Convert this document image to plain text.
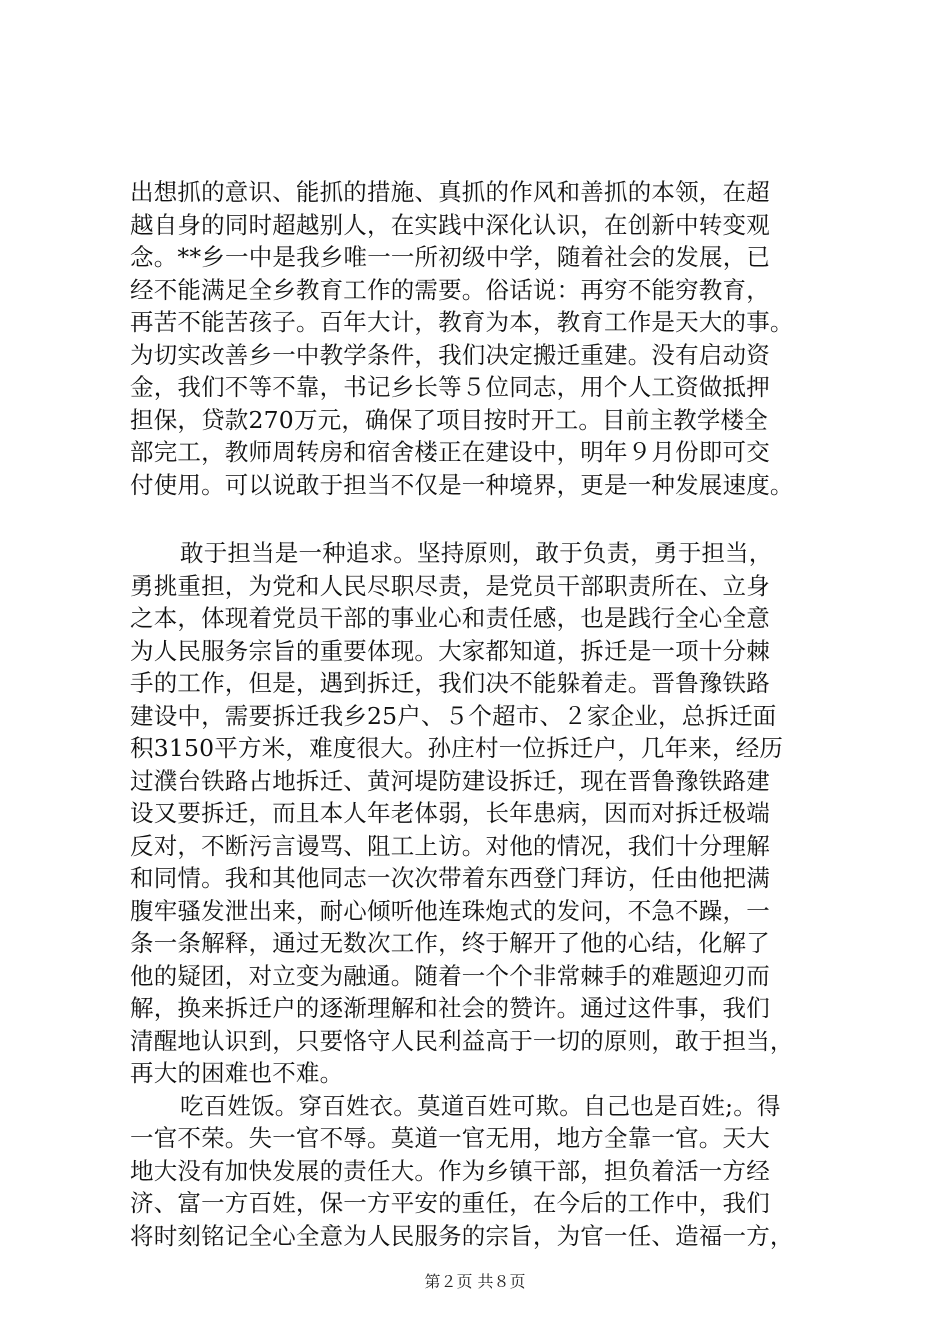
出想抓的意识、能抓的措施、真抓的作风和善抓的本领，在超
越自身的同时超越别人，在实践中深化认识，在创新中转变观
念。**乡一中是我乡唯一一所初级中学，随着社会的发展，已
经不能满足全乡教育工作的需要。俗话说：再穷不能穷教育，
再苦不能苦孩子。百年大计，教育为本，教育工作是天大的事。
为切实改善乡一中教学条件，我们决定搬迁重建。没有启动资
金，我们不等不靠，书记乡长等５位同志，用个人工资做抵押
担保，贷款270万元，确保了项目按时开工。目前主教学楼全
部完工，教师周转房和宿舍楼正在建设中，明年９月份即可交
付使用。可以说敢于担当不仅是一种境界，更是一种发展速度。
敢于担当是一种追求。坚持原则，敢于负责，勇于担当，
勇挑重担，为党和人民尽职尽责，是党员干部职责所在、立身
之本，体现着党员干部的事业心和责任感，也是践行全心全意
为人民服务宗旨的重要体现。大家都知道，拆迁是一项十分棘
手的工作，但是，遇到拆迁，我们决不能躲着走。晋鲁豫铁路
建设中，需要拆迁我乡25户、５个超市、２家企业，总拆迁面
积3150平方米，难度很大。孙庄村一位拆迁户，几年来，经历
过濮台铁路占地拆迁、黄河堤防建设拆迁，现在晋鲁豫铁路建
设又要拆迁，而且本人年老体弱，长年患病，因而对拆迁极端
反对，不断污言谩骂、阻工上访。对他的情况，我们十分理解
和同情。我和其他同志一次次带着东西登门拜访，任由他把满
腹牢骚发泄出来，耐心倾听他连珠炮式的发问，不急不躁，一
条一条解释，通过无数次工作，终于解开了他的心结，化解了
他的疑团，对立变为融通。随着一个个非常棘手的难题迎刃而
解，换来拆迁户的逐渐理解和社会的赞许。通过这件事，我们
清醒地认识到，只要恪守人民利益高于一切的原则，敢于担当，
再大的困难也不难。
吃百姓饭。穿百姓衣。莫道百姓可欺。自己也是百姓;。得
一官不荣。失一官不辱。莫道一官无用，地方全靠一官。天大
地大没有加快发展的责任大。作为乡镇干部，担负着活一方经
济、富一方百姓，保一方平安的重任，在今后的工作中，我们
将时刻铭记全心全意为人民服务的宗旨，为官一任、造福一方，
第２页 共８页
